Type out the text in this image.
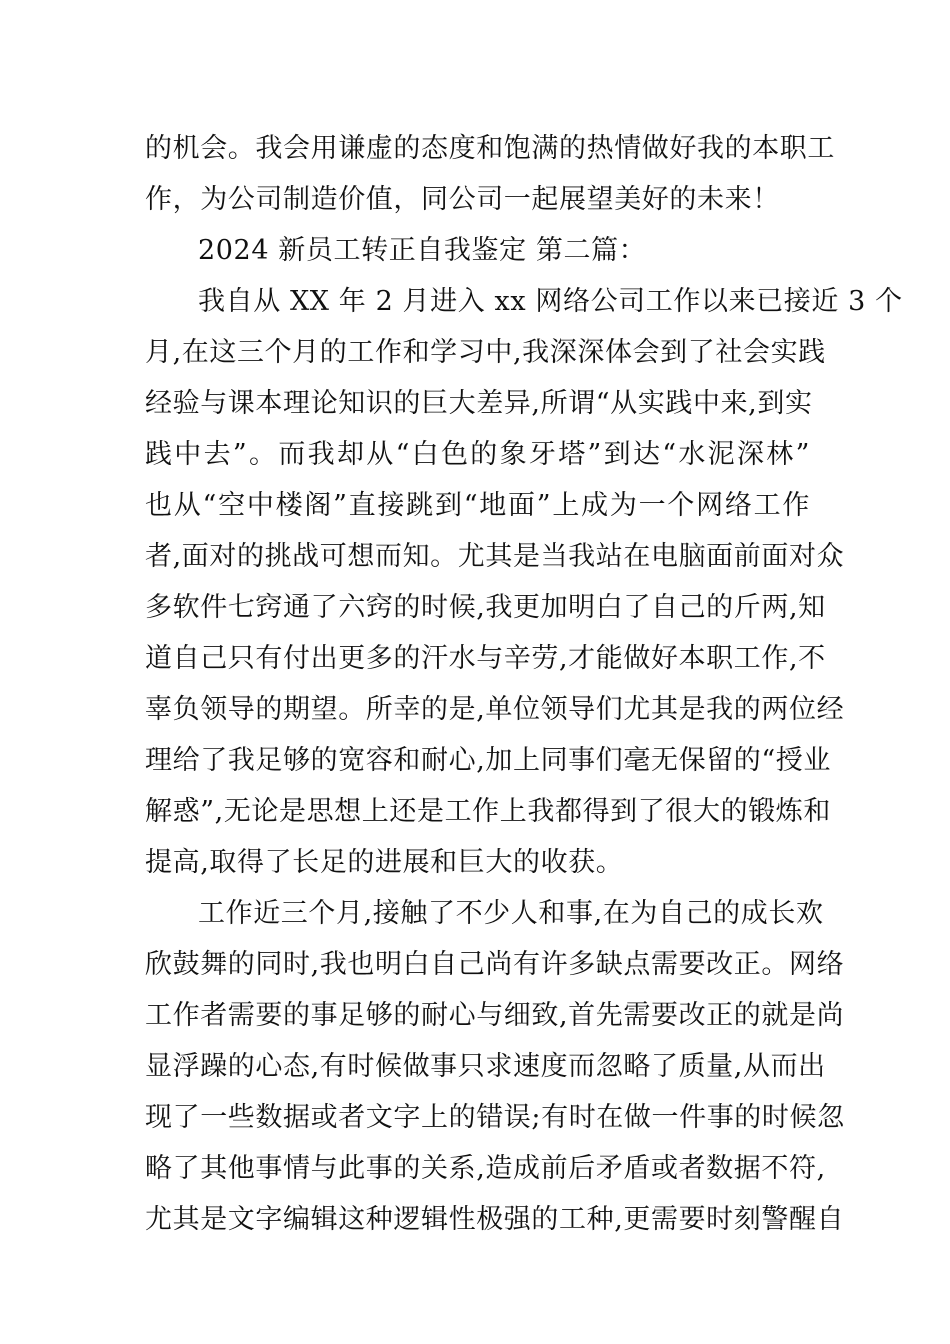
的机会。我会用谦虚的态度和饱满的热情做好我的本职工

作，为公司制造价值，同公司一起展望美好的未来！

2024 新员工转正自我鉴定 第二篇：

我自从 XX 年 2 月进入 xx 网络公司工作以来已接近 3 个

月,在这三个月的工作和学习中,我深深体会到了社会实践

经验与课本理论知识的巨大差异,所谓“从实践中来,到实

践中去”。而我却从“白色的象牙塔”到达“水泥深林”

也从“空中楼阁”直接跳到“地面”上成为一个网络工作

者,面对的挑战可想而知。尤其是当我站在电脑面前面对众

多软件七窍通了六窍的时候,我更加明白了自己的斤两,知

道自己只有付出更多的汗水与辛劳,才能做好本职工作,不

辜负领导的期望。所幸的是,单位领导们尤其是我的两位经

理给了我足够的宽容和耐心,加上同事们毫无保留的“授业

解惑”,无论是思想上还是工作上我都得到了很大的锻炼和

提高,取得了长足的进展和巨大的收获。

工作近三个月,接触了不少人和事,在为自己的成长欢

欣鼓舞的同时,我也明白自己尚有许多缺点需要改正。网络

工作者需要的事足够的耐心与细致,首先需要改正的就是尚

显浮躁的心态,有时候做事只求速度而忽略了质量,从而出

现了一些数据或者文字上的错误;有时在做一件事的时候忽

略了其他事情与此事的关系,造成前后矛盾或者数据不符,

尤其是文字编辑这种逻辑性极强的工种,更需要时刻警醒自
